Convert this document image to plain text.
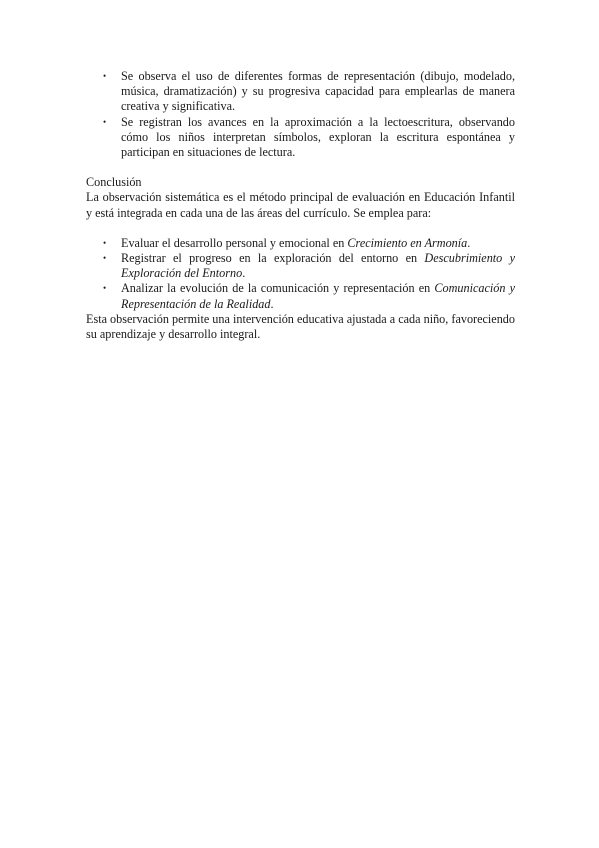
• Se observa el uso de diferentes formas de representación (dibujo, modelado, música, dramatización) y su progresiva capacidad para emplearlas de manera creativa y significativa.
• Se registran los avances en la aproximación a la lectoescritura, observando cómo los niños interpretan símbolos, exploran la escritura espontánea y participan en situaciones de lectura.
Conclusión

La observación sistemática es el método principal de evaluación en Educación Infantil y está integrada en cada una de las áreas del currículo. Se emplea para:

• Evaluar el desarrollo personal y emocional en Crecimiento en Armonía.
• Registrar el progreso en la exploración del entorno en Descubrimiento y Exploración del Entorno.
• Analizar la evolución de la comunicación y representación en Comunicación y Representación de la Realidad.

Esta observación permite una intervención educativa ajustada a cada niño, favoreciendo su aprendizaje y desarrollo integral.
